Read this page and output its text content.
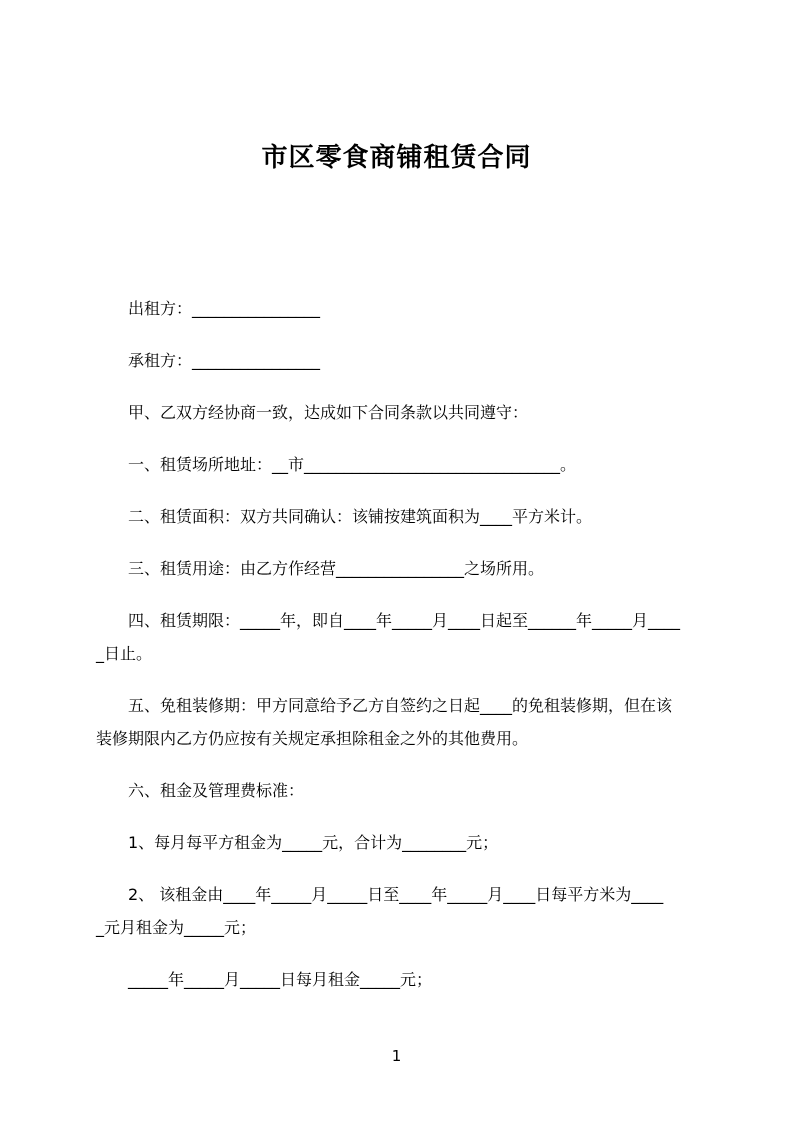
市区零食商铺租赁合同
出租方：________________
承租方：________________
甲、乙双方经协商一致，达成如下合同条款以共同遵守：
一、租赁场所地址：__市________________________________。
二、租赁面积：双方共同确认：该铺按建筑面积为____平方米计。
三、租赁用途：由乙方作经营________________之场所用。
四、租赁期限：_____年，即自____年_____月____日起至______年_____月____
_日止。
五、免租装修期：甲方同意给予乙方自签约之日起____的免租装修期，但在该
装修期限内乙方仍应按有关规定承担除租金之外的其他费用。
六、租金及管理费标准：
1、每月每平方租金为_____元，合计为________元；
2、 该租金由____年_____月_____日至____年_____月____日每平方米为____
_元月租金为_____元；
_____年_____月_____日每月租金_____元；
1
